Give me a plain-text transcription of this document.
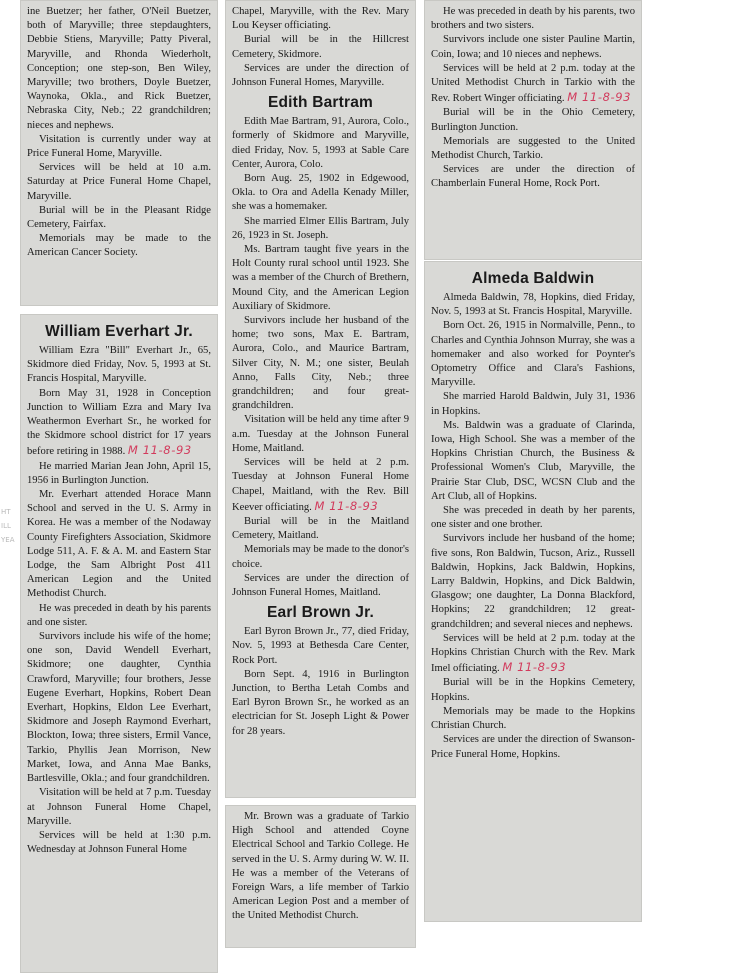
HT
ILL
YEA

ine Buetzer; her father, O'Neil Buetzer, both of Maryville; three stepdaughters, Debbie Stiens, Maryville; Patty Piveral, Maryville, and Rhonda Wiederholt, Conception; one step-son, Ben Wiley, Maryville; two brothers, Doyle Buetzer, Waynoka, Okla., and Rick Buetzer, Nebraska City, Neb.; 22 grandchildren; nieces and nephews.

Visitation is currently under way at Price Funeral Home, Maryville.

Services will be held at 10 a.m. Saturday at Price Funeral Home Chapel, Maryville.

Burial will be in the Pleasant Ridge Cemetery, Fairfax.

Memorials may be made to the American Cancer Society.

William Everhart Jr.

William Ezra "Bill" Everhart Jr., 65, Skidmore died Friday, Nov. 5, 1993 at St. Francis Hospital, Maryville.

Born May 31, 1928 in Conception Junction to William Ezra and Mary Iva Weathermon Everhart Sr., he worked for the Skidmore school district for 17 years before retiring in 1988. M 11-8-93

He married Marian Jean John, April 15, 1956 in Burlington Junction.

Mr. Everhart attended Horace Mann School and served in the U. S. Army in Korea. He was a member of the Nodaway County Firefighters Association, Skidmore Lodge 511, A. F. & A. M. and Eastern Star Lodge, the Sam Albright Post 411 American Legion and the United Methodist Church.

He was preceded in death by his parents and one sister.

Survivors include his wife of the home; one son, David Wendell Everhart, Skidmore; one daughter, Cynthia Crawford, Maryville; four brothers, Jesse Eugene Everhart, Hopkins, Robert Dean Everhart, Hopkins, Eldon Lee Everhart, Skidmore and Joseph Raymond Everhart, Blockton, Iowa; three sisters, Ermil Vance, Tarkio, Phyllis Jean Morrison, New Market, Iowa, and Anna Mae Banks, Bartlesville, Okla.; and four grandchildren.

Visitation will be held at 7 p.m. Tuesday at Johnson Funeral Home Chapel, Maryville.

Services will be held at 1:30 p.m. Wednesday at Johnson Funeral Home

Chapel, Maryville, with the Rev. Mary Lou Keyser officiating.

Burial will be in the Hillcrest Cemetery, Skidmore.

Services are under the direction of Johnson Funeral Homes, Maryville.

Edith Bartram

Edith Mae Bartram, 91, Aurora, Colo., formerly of Skidmore and Maryville, died Friday, Nov. 5, 1993 at Sable Care Center, Aurora, Colo.

Born Aug. 25, 1902 in Edgewood, Okla. to Ora and Adella Kenady Miller, she was a homemaker.

She married Elmer Ellis Bartram, July 26, 1923 in St. Joseph.

Ms. Bartram taught five years in the Holt County rural school until 1923. She was a member of the Church of Brethern, Mound City, and the American Legion Auxiliary of Skidmore.

Survivors include her husband of the home; two sons, Max E. Bartram, Aurora, Colo., and Maurice Bartram, Silver City, N. M.; one sister, Beulah Anno, Falls City, Neb.; three grandchildren; and four great-grandchildren.

Visitation will be held any time after 9 a.m. Tuesday at the Johnson Funeral Home, Maitland.

Services will be held at 2 p.m. Tuesday at Johnson Funeral Home Chapel, Maitland, with the Rev. Bill Keever officiating. M 11-8-93

Burial will be in the Maitland Cemetery, Maitland.

Memorials may be made to the donor's choice.

Services are under the direction of Johnson Funeral Homes, Maitland.

Earl Brown Jr.

Earl Byron Brown Jr., 77, died Friday, Nov. 5, 1993 at Bethesda Care Center, Rock Port.

Born Sept. 4, 1916 in Burlington Junction, to Bertha Letah Combs and Earl Byron Brown Sr., he worked as an electrician for St. Joseph Light & Power for 28 years.

Mr. Brown was a graduate of Tarkio High School and attended Coyne Electrical School and Tarkio College. He served in the U. S. Army during W. W. II. He was a member of the Veterans of Foreign Wars, a life member of Tarkio American Legion Post and a member of the United Methodist Church.

He was preceded in death by his parents, two brothers and two sisters.

Survivors include one sister Pauline Martin, Coin, Iowa; and 10 nieces and nephews.

Services will be held at 2 p.m. today at the United Methodist Church in Tarkio with the Rev. Robert Winger officiating. M 11-8-93

Burial will be in the Ohio Cemetery, Burlington Junction.

Memorials are suggested to the United Methodist Church, Tarkio.

Services are under the direction of Chamberlain Funeral Home, Rock Port.

Almeda Baldwin

Almeda Baldwin, 78, Hopkins, died Friday, Nov. 5, 1993 at St. Francis Hospital, Maryville.

Born Oct. 26, 1915 in Normalville, Penn., to Charles and Cynthia Johnson Murray, she was a homemaker and also worked for Poynter's Optometry Office and Clara's Fashions, Maryville.

She married Harold Baldwin, July 31, 1936 in Hopkins.

Ms. Baldwin was a graduate of Clarinda, Iowa, High School. She was a member of the Hopkins Christian Church, the Business & Professional Women's Club, Maryville, the Prairie Star Club, DSC, WCSN Club and the Art Club, all of Hopkins.

She was preceded in death by her parents, one sister and one brother.

Survivors include her husband of the home; five sons, Ron Baldwin, Tucson, Ariz., Russell Baldwin, Hopkins, Jack Baldwin, Hopkins, Larry Baldwin, Hopkins, and Dick Baldwin, Glasgow; one daughter, La Donna Blackford, Hopkins; 22 grandchildren; 12 great-grandchildren; and several nieces and nephews.

Services will be held at 2 p.m. today at the Hopkins Christian Church with the Rev. Mark Imel officiating. M 11-8-93

Burial will be in the Hopkins Cemetery, Hopkins.

Memorials may be made to the Hopkins Christian Church.

Services are under the direction of Swanson-Price Funeral Home, Hopkins.
